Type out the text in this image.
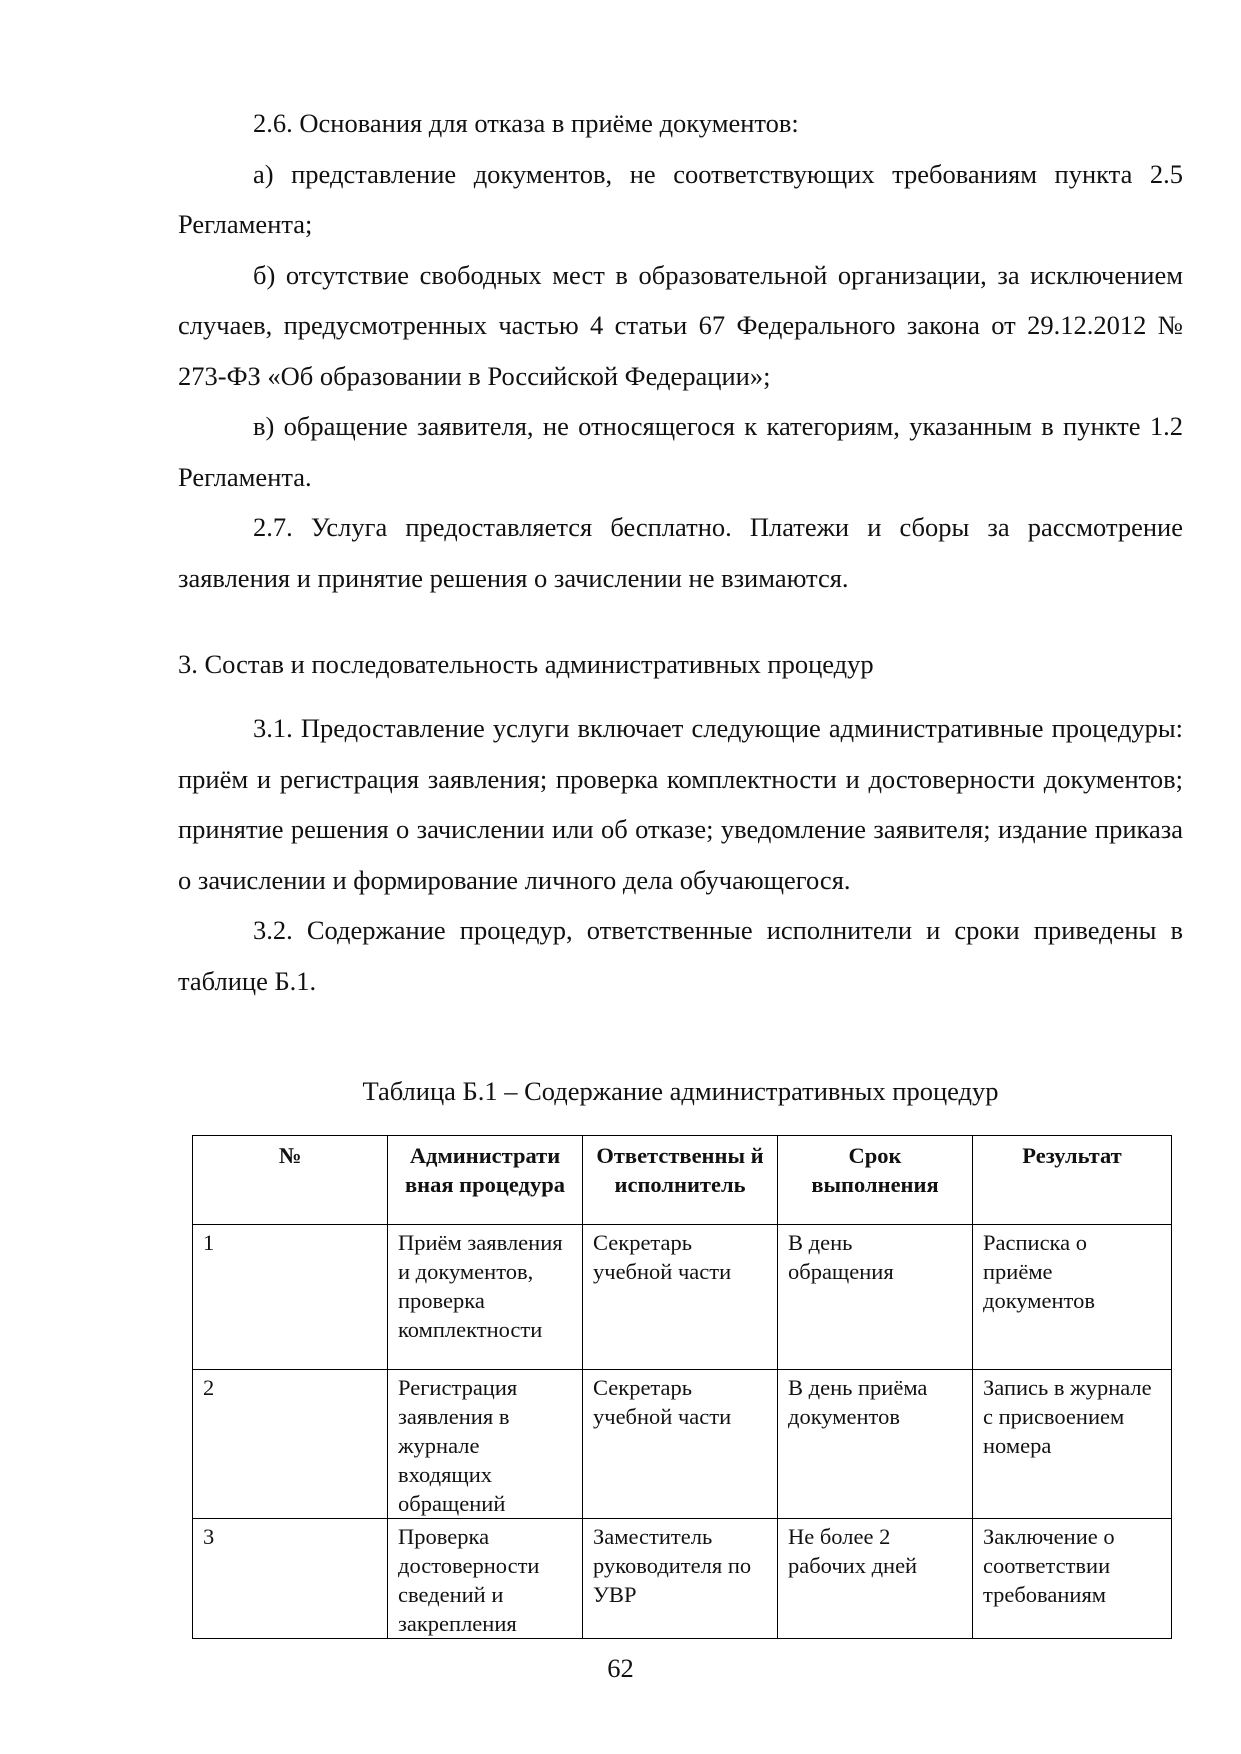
2.6. Основания для отказа в приёме документов:

а) представление документов, не соответствующих требованиям пункта 2.5 Регламента;

б) отсутствие свободных мест в образовательной организации, за исключением случаев, предусмотренных частью 4 статьи 67 Федерального закона от 29.12.2012 № 273-ФЗ «Об образовании в Российской Федерации»;

в) обращение заявителя, не относящегося к категориям, указанным в пункте 1.2 Регламента.

2.7. Услуга предоставляется бесплатно. Платежи и сборы за рассмотрение заявления и принятие решения о зачислении не взимаются.

3. Состав и последовательность административных процедур

3.1. Предоставление услуги включает следующие административные процедуры: приём и регистрация заявления; проверка комплектности и достоверности документов; принятие решения о зачислении или об отказе; уведомление заявителя; издание приказа о зачислении и формирование личного дела обучающегося.

3.2. Содержание процедур, ответственные исполнители и сроки приведены в таблице Б.1.

Таблица Б.1 – Содержание административных процедур

№	Администрати вная процедура	Ответственны й исполнитель	Срок выполнения	Результат
1	Приём заявления и документов, проверка комплектности	Секретарь учебной части	В день обращения	Расписка о приёме документов
2	Регистрация заявления в журнале входящих обращений	Секретарь учебной части	В день приёма документов	Запись в журнале с присвоением номера
3	Проверка достоверности сведений и закрепления	Заместитель руководителя по УВР	Не более 2 рабочих дней	Заключение о соответствии требованиям

62
